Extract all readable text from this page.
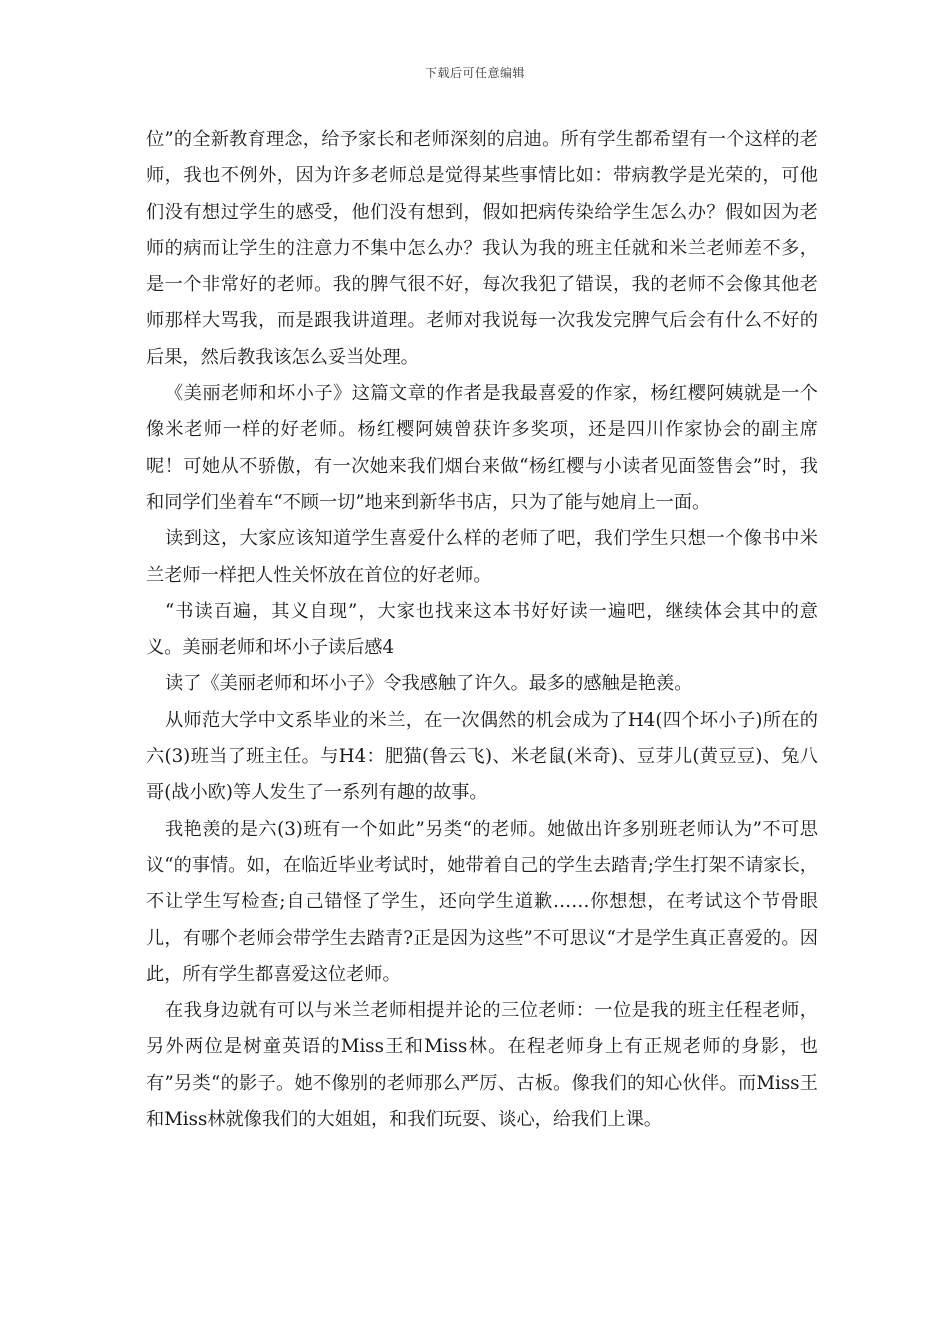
下载后可任意编辑

位”的全新教育理念，给予家长和老师深刻的启迪。所有学生都希望有一个这样的老师，我也不例外，因为许多老师总是觉得某些事情比如：带病教学是光荣的，可他们没有想过学生的感受，他们没有想到，假如把病传染给学生怎么办？假如因为老师的病而让学生的注意力不集中怎么办？我认为我的班主任就和米兰老师差不多，是一个非常好的老师。我的脾气很不好，每次我犯了错误，我的老师不会像其他老师那样大骂我，而是跟我讲道理。老师对我说每一次我发完脾气后会有什么不好的后果，然后教我该怎么妥当处理。

《美丽老师和坏小子》这篇文章的作者是我最喜爱的作家，杨红樱阿姨就是一个像米老师一样的好老师。杨红樱阿姨曾获许多奖项，还是四川作家协会的副主席呢！可她从不骄傲，有一次她来我们烟台来做“杨红樱与小读者见面签售会”时，我和同学们坐着车“不顾一切”地来到新华书店，只为了能与她肩上一面。

读到这，大家应该知道学生喜爱什么样的老师了吧，我们学生只想一个像书中米兰老师一样把人性关怀放在首位的好老师。

“书读百遍，其义自现”，大家也找来这本书好好读一遍吧，继续体会其中的意义。美丽老师和坏小子读后感4

读了《美丽老师和坏小子》令我感触了许久。最多的感触是艳羡。

从师范大学中文系毕业的米兰，在一次偶然的机会成为了H4(四个坏小子)所在的六(3)班当了班主任。与H4：肥猫(鲁云飞)、米老鼠(米奇)、豆芽儿(黄豆豆)、兔八哥(战小欧)等人发生了一系列有趣的故事。

我艳羡的是六(3)班有一个如此”另类“的老师。她做出许多别班老师认为”不可思议“的事情。如，在临近毕业考试时，她带着自己的学生去踏青;学生打架不请家长，不让学生写检查;自己错怪了学生，还向学生道歉……你想想，在考试这个节骨眼儿，有哪个老师会带学生去踏青?正是因为这些”不可思议“才是学生真正喜爱的。因此，所有学生都喜爱这位老师。

在我身边就有可以与米兰老师相提并论的三位老师：一位是我的班主任程老师，另外两位是树童英语的Miss王和Miss林。在程老师身上有正规老师的身影，也有”另类“的影子。她不像别的老师那么严厉、古板。像我们的知心伙伴。而Miss王和Miss林就像我们的大姐姐，和我们玩耍、谈心，给我们上课。
